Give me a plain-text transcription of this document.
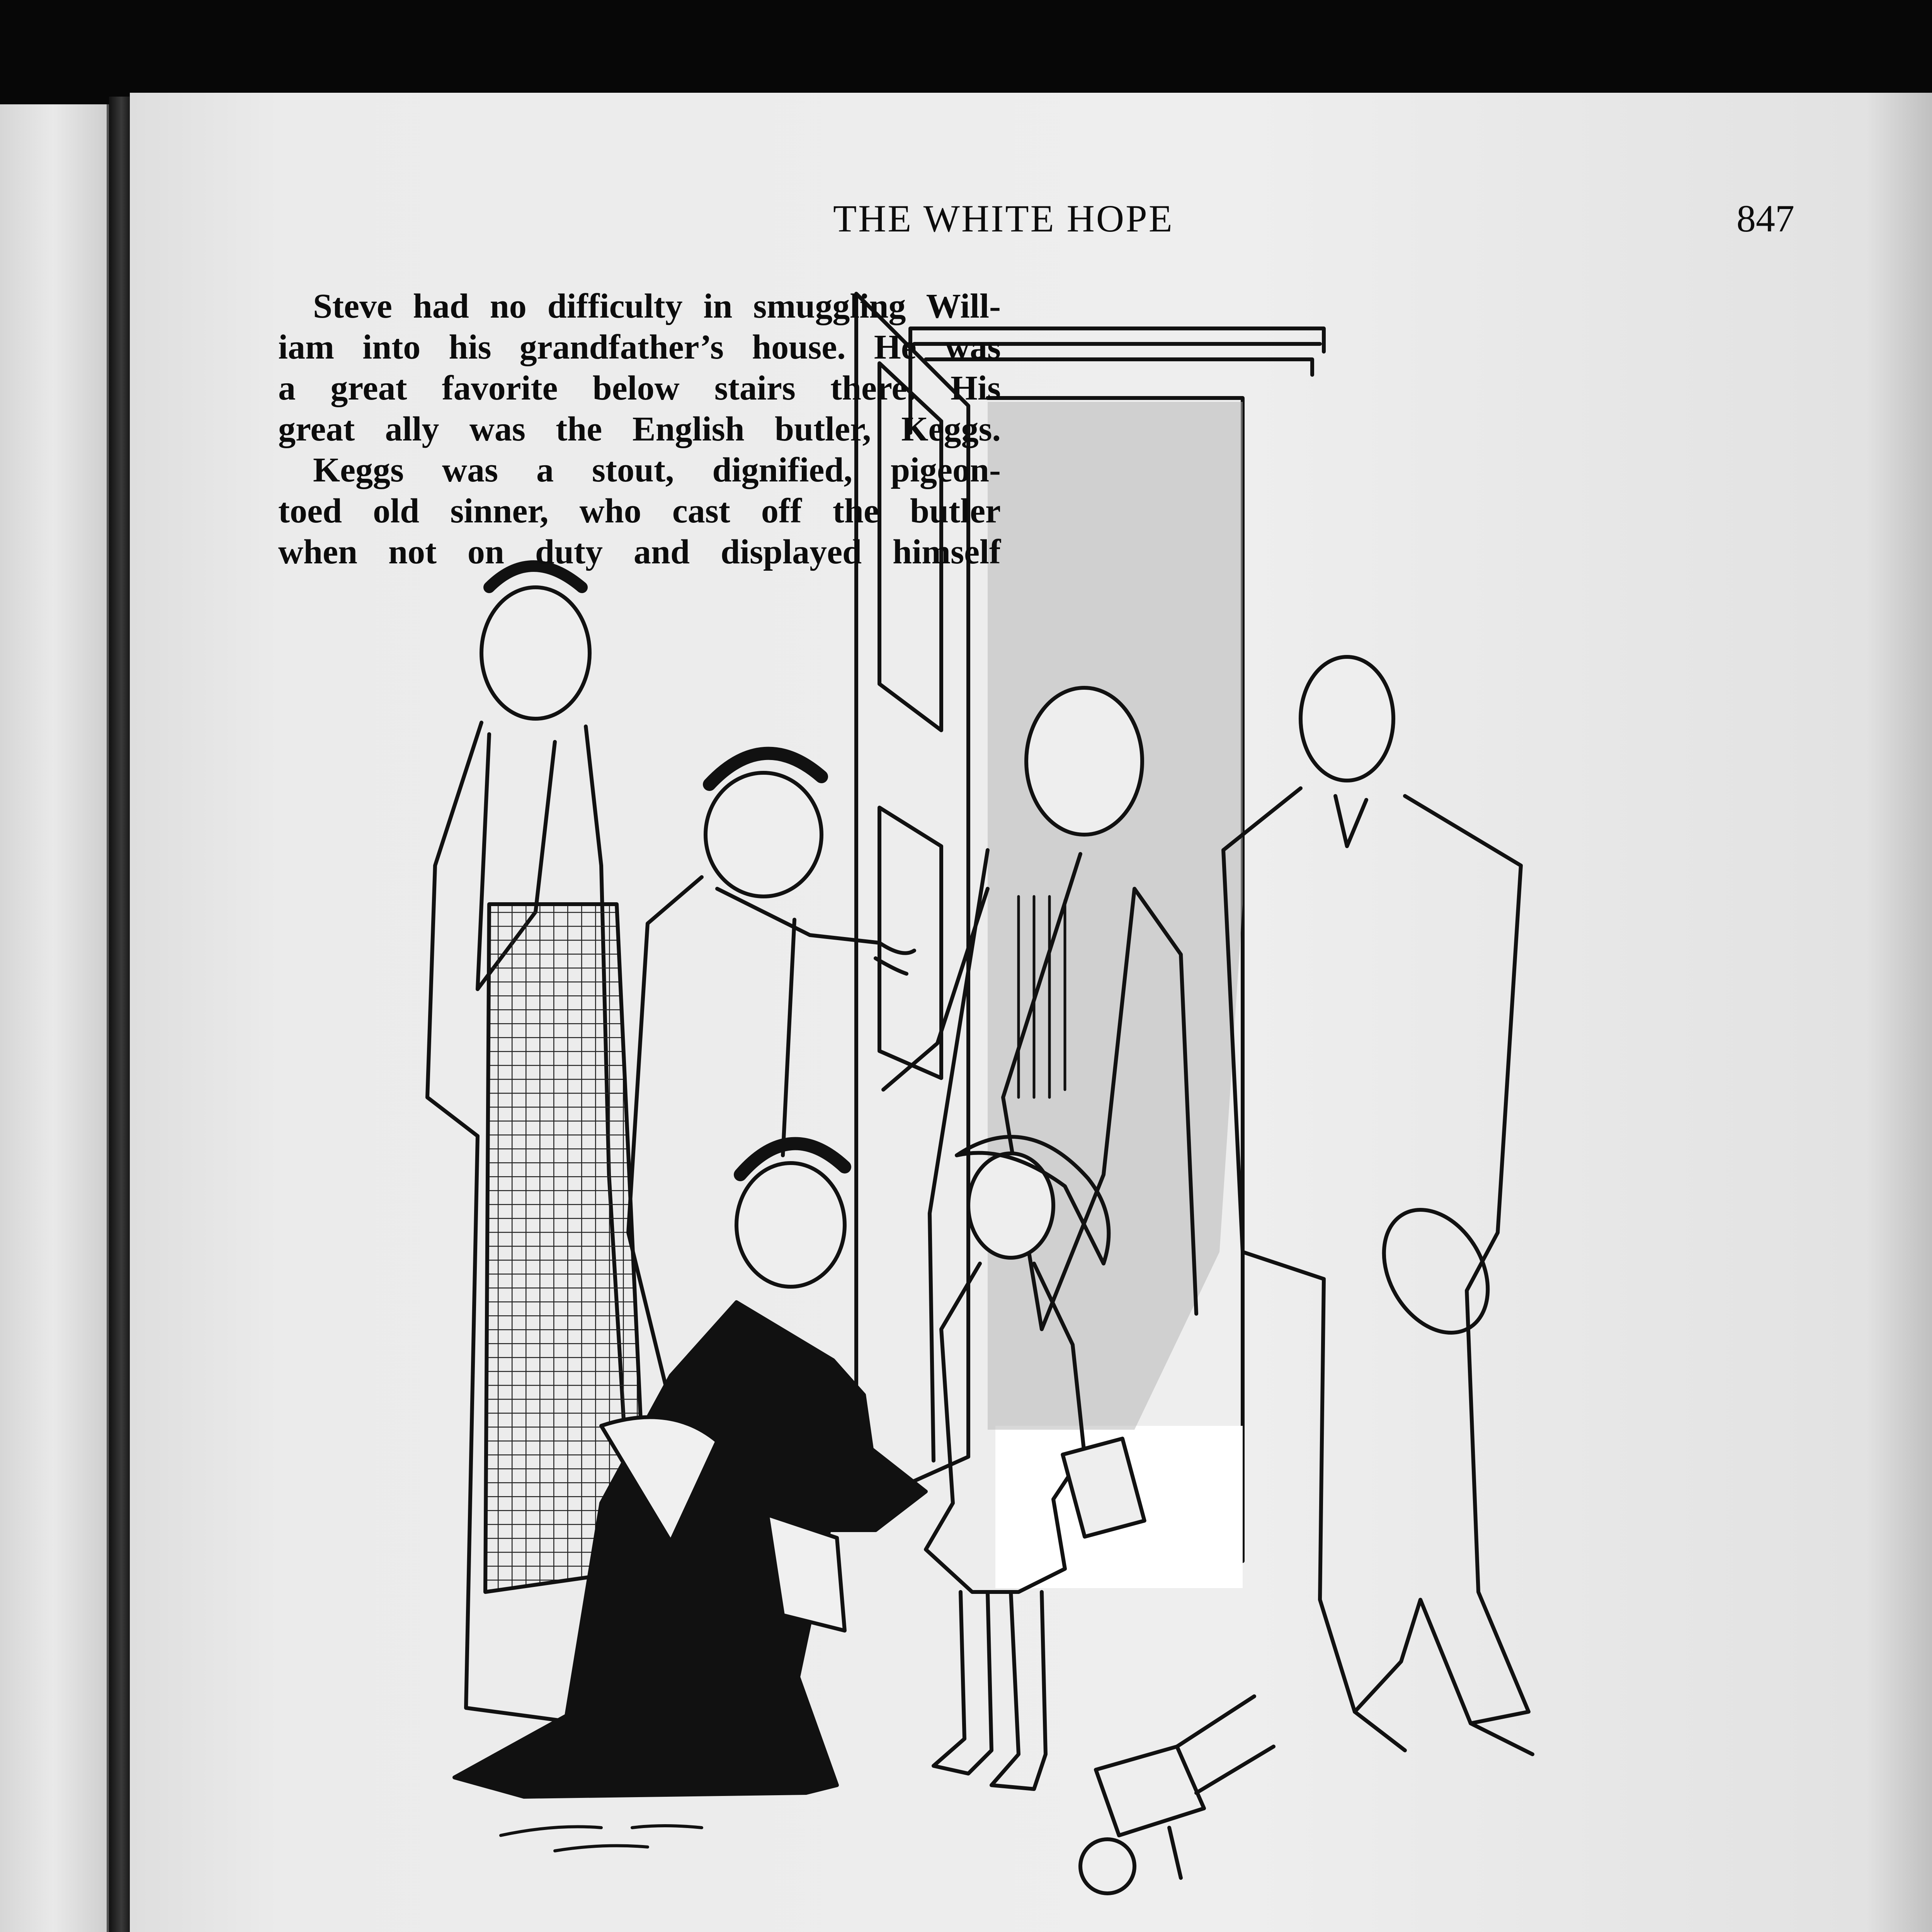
THE WHITE HOPE	847

Steve had no difficulty in smuggling Will-

iam into his grandfather’s house. He was

a great favorite below stairs there. His

great ally was the English butler, Keggs.

Keggs was a stout, dignified, pigeon-

toed old sinner, who cast off the butler

when not on duty and displayed himself
